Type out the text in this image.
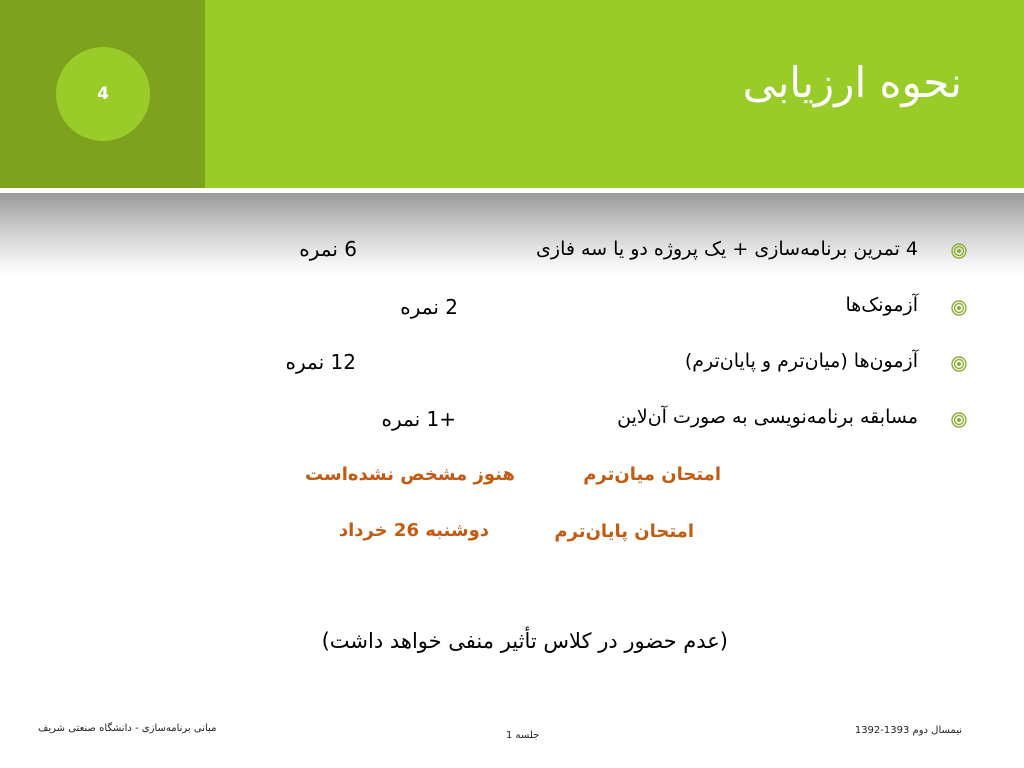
4	نحوه ارزیابی
4 تمرین برنامه‌سازی + یک پروژه دو یا سه فازی
6 نمره
آزمونک‌ها
2 نمره
آزمون‌ها (میان‌ترم و پایان‌ترم)
12 نمره
مسابقه برنامه‌نویسی به صورت آن‌لاین
+1 نمره
امتحان میان‌ترم
هنوز مشخص نشده‌است
امتحان پایان‌ترم
دوشنبه 26 خرداد
(عدم حضور در کلاس تأثیر منفی خواهد داشت)
مبانی برنامه‌سازی - دانشگاه صنعتی شریف
جلسه 1	نیمسال دوم 1393-1392
